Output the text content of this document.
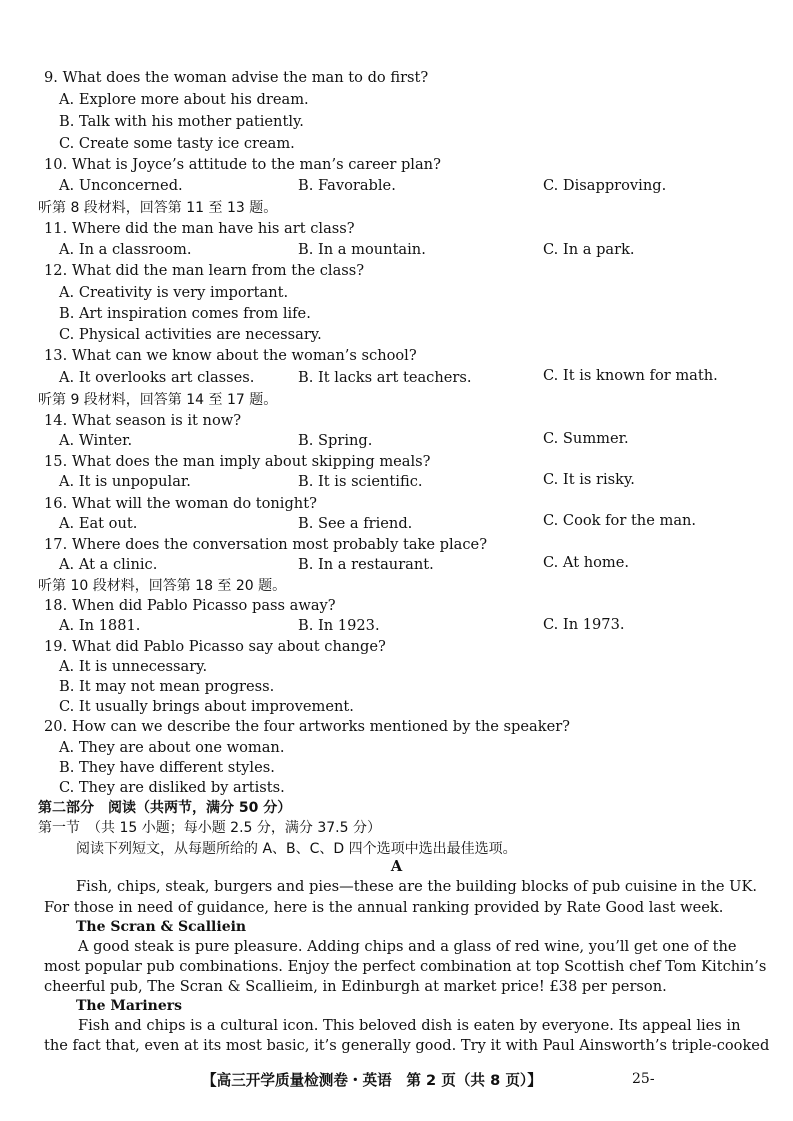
9. What does the woman advise the man to do first?
A. Explore more about his dream.
B. Talk with his mother patiently.
C. Create some tasty ice cream.
10. What is Joyce’s attitude to the man’s career plan?
A. Unconcerned.	B. Favorable.	C. Disapproving.
听第 8 段材料，回答第 11 至 13 题。
11. Where did the man have his art class?
A. In a classroom.	B. In a mountain.	C. In a park.
12. What did the man learn from the class?
A. Creativity is very important.
B. Art inspiration comes from life.
C. Physical activities are necessary.
13. What can we know about the woman’s school?
A. It overlooks art classes.	B. It lacks art teachers.	C. It is known for math.
听第 9 段材料，回答第 14 至 17 题。
14. What season is it now?
A. Winter.	B. Spring.	C. Summer.
15. What does the man imply about skipping meals?
A. It is unpopular.	B. It is scientific.	C. It is risky.
16. What will the woman do tonight?
A. Eat out.	B. See a friend.	C. Cook for the man.
17. Where does the conversation most probably take place?
A. At a clinic.	B. In a restaurant.	C. At home.
听第 10 段材料，回答第 18 至 20 题。
18. When did Pablo Picasso pass away?
A. In 1881.	B. In 1923.	C. In 1973.
19. What did Pablo Picasso say about change?
A. It is unnecessary.
B. It may not mean progress.
C. It usually brings about improvement.
20. How can we describe the four artworks mentioned by the speaker?
A. They are about one woman.
B. They have different styles.
C. They are disliked by artists.
第二部分　阅读（共两节，满分 50 分）
第一节　（共 15 小题；每小题 2.5 分，满分 37.5 分）
阅读下列短文，从每题所给的 A、B、C、D 四个选项中选出最佳选项。
A
Fish, chips, steak, burgers and pies—these are the building blocks of pub cuisine in the UK.
For those in need of guidance, here is the annual ranking provided by Rate Good last week.
The Scran & Scalliein
A good steak is pure pleasure. Adding chips and a glass of red wine, you’ll get one of the
most popular pub combinations. Enjoy the perfect combination at top Scottish chef Tom Kitchin’s
cheerful pub, The Scran & Scallieim, in Edinburgh at market price! £38 per person.
The Mariners
Fish and chips is a cultural icon. This beloved dish is eaten by everyone. Its appeal lies in
the fact that, even at its most basic, it’s generally good. Try it with Paul Ainsworth’s triple-cooked
【高三开学质量检测卷・英语　第 2 页（共 8 页）】	25-
